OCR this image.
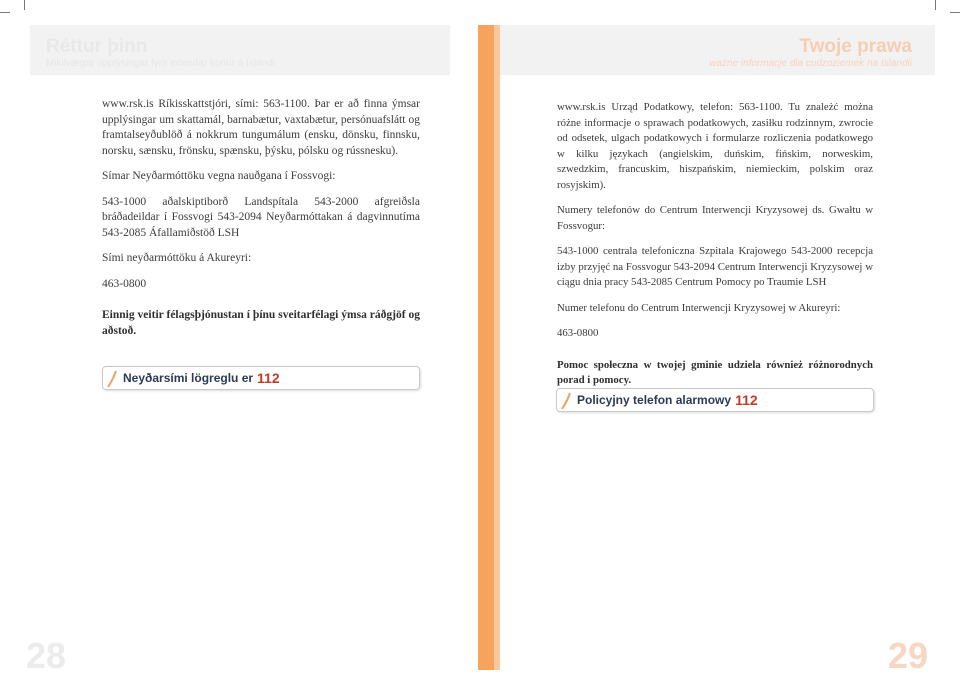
Réttur þinn
Mikilvægar upplýsingar fyrir erlendar konur á Íslandi
Twoje prawa
ważne informacje dla cudzoziemek na Islandii

www.rsk.is Ríkisskattstjóri, sími: 563-1100. Þar er að finna ýmsar upplýsingar um skattamál, barnabætur, vaxtabætur, persónuafslátt og framtalseyðublöð á nokkrum tungumálum (ensku, dönsku, finnsku, norsku, sænsku, frönsku, spænsku, þýsku, pólsku og rússnesku).

Símar Neyðarmóttöku vegna nauðgana í Fossvogi:

543-1000 aðalskiptiborð Landspítala 543-2000 afgreiðsla bráðadeildar í Fossvogi 543-2094 Neyðarmóttakan á dagvinnutíma 543-2085 Áfallamiðstöð LSH

Sími neyðarmóttöku á Akureyri:

463-0800

Einnig veitir félagsþjónustan í þínu sveitarfélagi ýmsa ráðgjöf og aðstoð.

Neyðarsími lögreglu er 112

www.rsk.is Urząd Podatkowy, telefon: 563-1100. Tu znależć można różne informacje o sprawach podatkowych, zasiłku rodzinnym, zwrocie od odsetek, ulgach podatkowych i formularze rozliczenia podatkowego w kilku językach (angielskim, duńskim, fińskim, norweskim, szwedzkim, francuskim, hiszpańskim, niemieckim, polskim oraz rosyjskim).

Numery telefonów do Centrum Interwencji Kryzysowej ds. Gwałtu w Fossvogur:

543-1000 centrala telefoniczna Szpitala Krajowego 543-2000 recepcja izby przyjęć na Fossvogur 543-2094 Centrum Interwencji Kryzysowej w ciągu dnia pracy 543-2085 Centrum Pomocy po Traumie LSH

Numer telefonu do Centrum Interwencji Kryzysowej w Akureyri:

463-0800

Pomoc społeczna w twojej gminie udziela również różnorodnych porad i pomocy.

Policyjny telefon alarmowy 112
28	29
